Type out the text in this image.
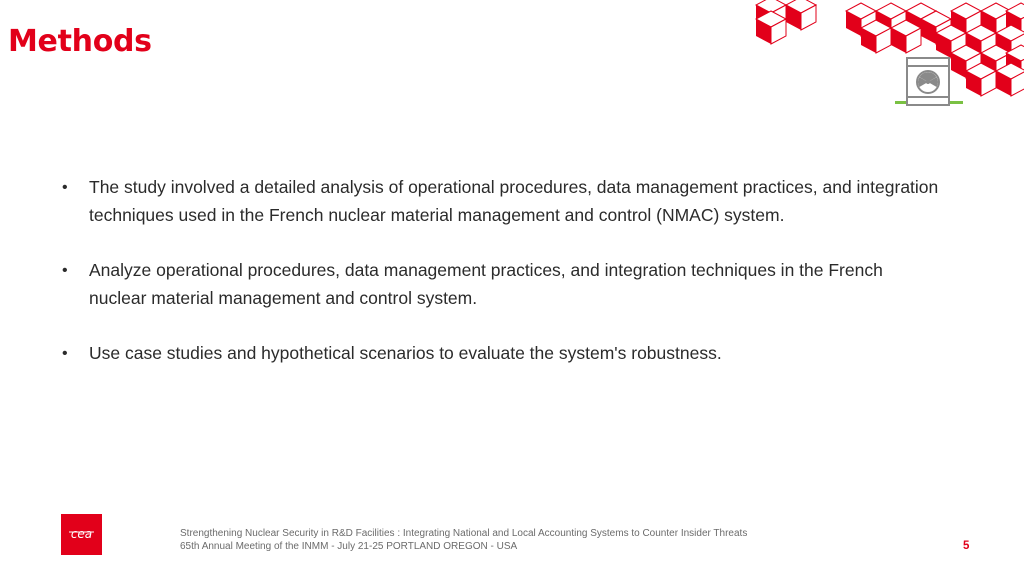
Methods
• The study involved a detailed analysis of operational procedures, data management practices, and integration techniques used in the French nuclear material management and control (NMAC) system.
• Analyze operational procedures, data management practices, and integration techniques in the French nuclear material management and control system.
• Use case studies and hypothetical scenarios to evaluate the system's robustness.
cea	Strengthening Nuclear Security in R&D Facilities : Integrating National and Local Accounting Systems to Counter Insider Threats
65th Annual Meeting of the INMM - July 21-25 PORTLAND OREGON - USA	5
